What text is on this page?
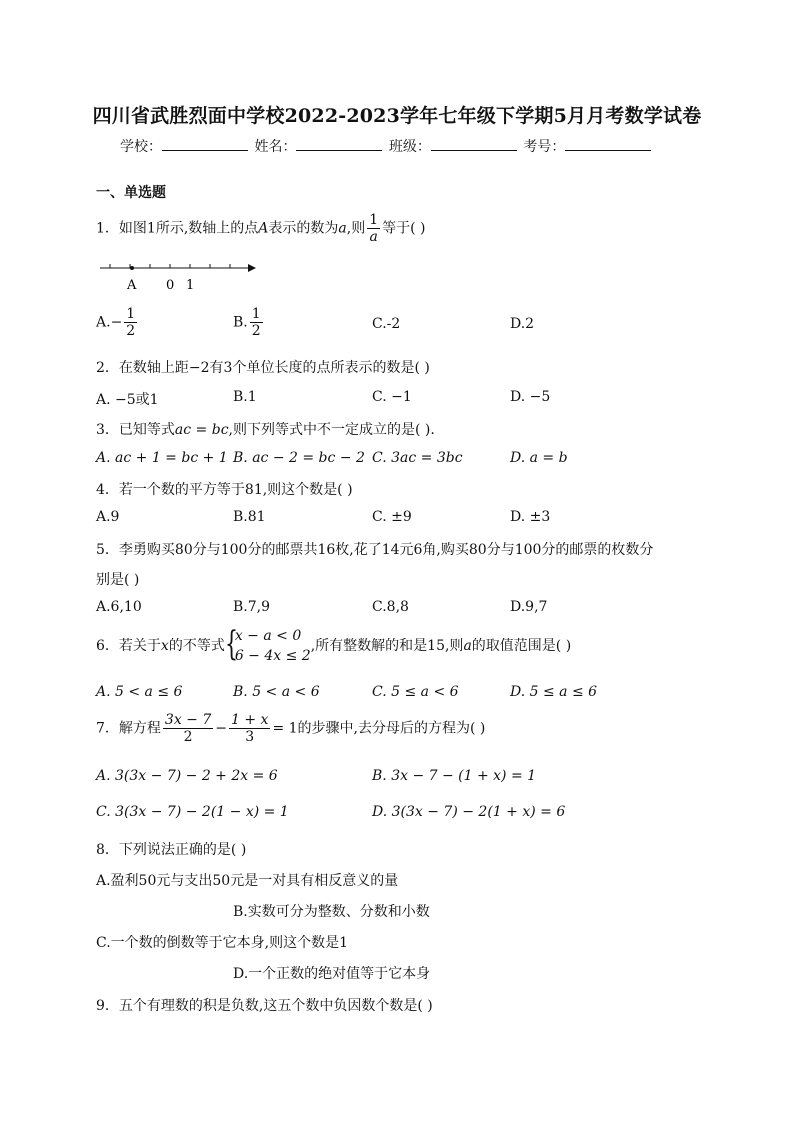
四川省武胜烈面中学校2022-2023学年七年级下学期5月月考数学试卷
学校：	姓名：	班级：	考号：
一、单选题
1．如图1所示,数轴上的点A表示的数为a,则 $\frac{1}{a}$ 等于( )
A 0 1
$A.- \frac{1}{2}$	B. $\frac{1}{2}$	C.-2	D.2
2．在数轴上距−2有3个单位长度的点所表示的数是( )
A. −5或1	B.1	C. −1	D. −5
3．已知等式ac = bc,则下列等式中不一定成立的是( ).
A. ac + 1 = bc + 1 B. ac − 2 = bc − 2 C. 3ac = 3bc	D. a = b
4．若一个数的平方等于81,则这个数是( )
A.9	B.81	C. ±9	D. ±3
5．李勇购买80分与100分的邮票共16枚,花了14元6角,购买80分与100分的邮票的枚数分
别是( )
A.6,10	B.7,9	C.8,8	D.9,7
6．若关于x的不等式 {
x − a < 0
6 − 4x ≤ 2
,所有整数解的和是15,则a的取值范围是( )
A. 5 < a ≤ 6	B. 5 < a < 6	C. 5 ≤ a < 6	D. 5 ≤ a ≤ 6
7．解方程 $\frac{3x - 7}{2} - \frac{1 + x}{3} = 1$的步骤中,去分母后的方程为( )
A. 3(3x − 7) − 2 + 2x = 6	B. 3x − 7 − (1 + x) = 1
C. 3(3x − 7) − 2(1 − x) = 1	D. 3(3x − 7) − 2(1 + x) = 6
8．下列说法正确的是( )
A.盈利50元与支出50元是一对具有相反意义的量
B.实数可分为整数、分数和小数
C.一个数的倒数等于它本身,则这个数是1
D.一个正数的绝对值等于它本身
9．五个有理数的积是负数,这五个数中负因数个数是( )
